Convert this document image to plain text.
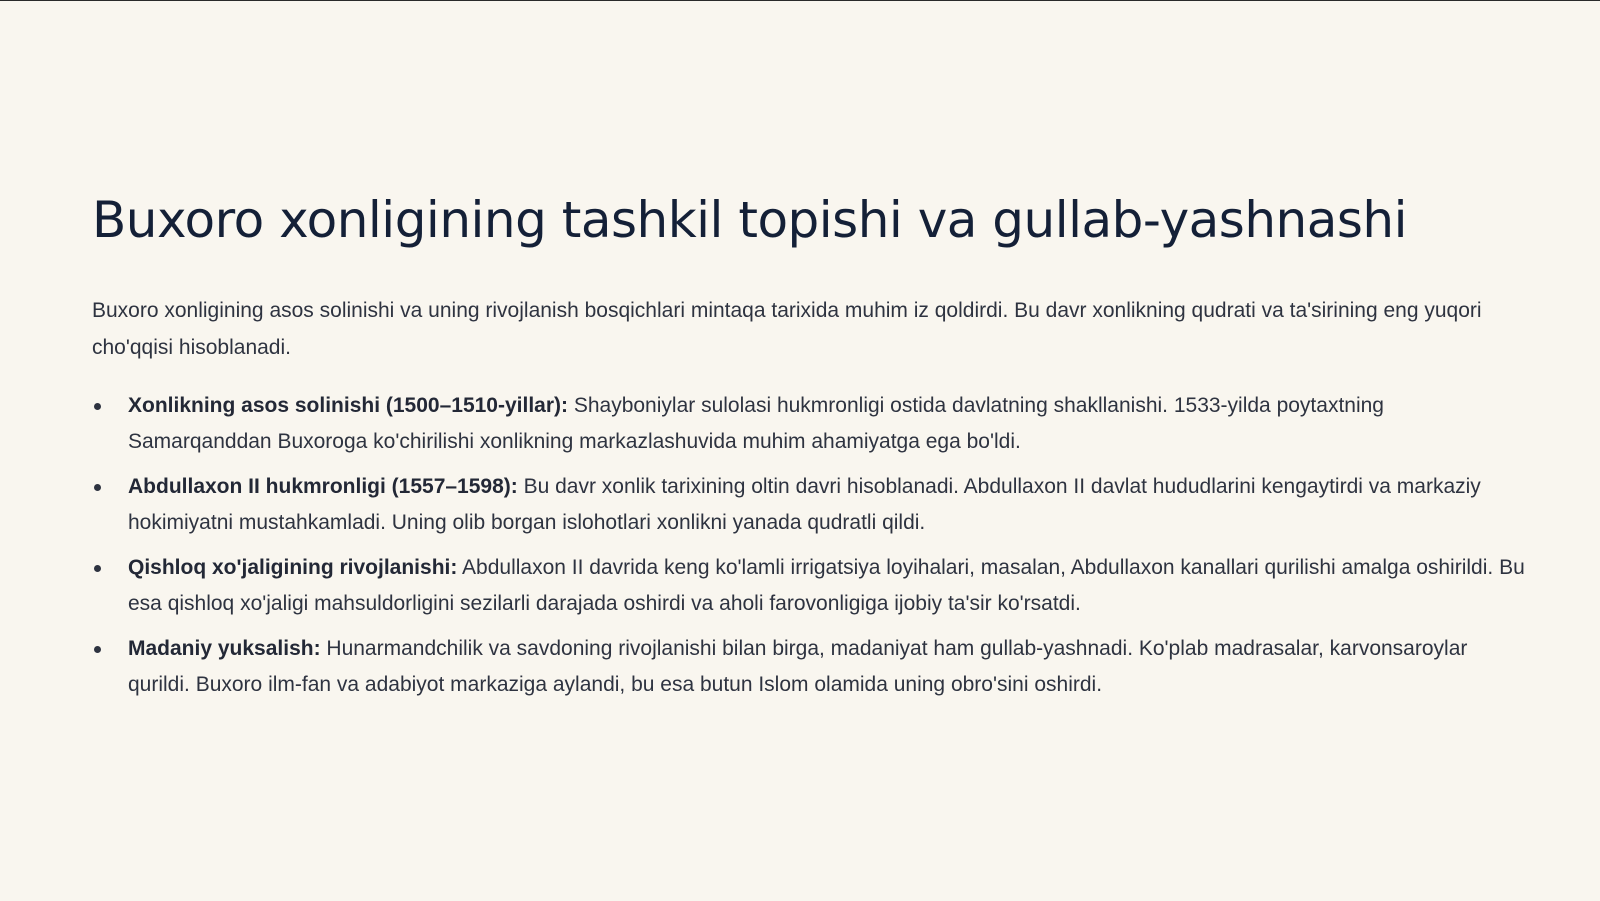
Buxoro xonligining tashkil topishi va gullab-yashnashi

Buxoro xonligining asos solinishi va uning rivojlanish bosqichlari mintaqa tarixida muhim iz qoldirdi. Bu davr xonlikning qudrati va ta'sirining eng yuqori cho'qqisi hisoblanadi.

Xonlikning asos solinishi (1500–1510-yillar): Shayboniylar sulolasi hukmronligi ostida davlatning shakllanishi. 1533-yilda poytaxtning Samarqanddan Buxoroga ko'chirilishi xonlikning markazlashuvida muhim ahamiyatga ega bo'ldi.
Abdullaxon II hukmronligi (1557–1598): Bu davr xonlik tarixining oltin davri hisoblanadi. Abdullaxon II davlat hududlarini kengaytirdi va markaziy hokimiyatni mustahkamladi. Uning olib borgan islohotlari xonlikni yanada qudratli qildi.
Qishloq xo'jaligining rivojlanishi: Abdullaxon II davrida keng ko'lamli irrigatsiya loyihalari, masalan, Abdullaxon kanallari qurilishi amalga oshirildi. Bu esa qishloq xo'jaligi mahsuldorligini sezilarli darajada oshirdi va aholi farovonligiga ijobiy ta'sir ko'rsatdi.
Madaniy yuksalish: Hunarmandchilik va savdoning rivojlanishi bilan birga, madaniyat ham gullab-yashnadi. Ko'plab madrasalar, karvonsaroylar qurildi. Buxoro ilm-fan va adabiyot markaziga aylandi, bu esa butun Islom olamida uning obro'sini oshirdi.
